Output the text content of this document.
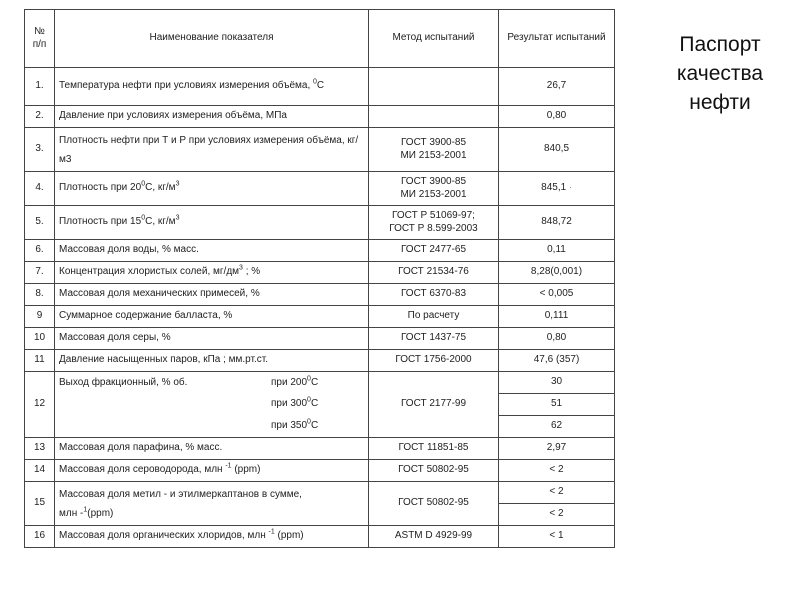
Паспорт качества нефти
№ п/п	Наименование показателя	Метод испытаний	Результат испытаний
1.	Температура нефти при условиях измерения объёма, $^0$С		26,7
2.	Давление при условиях измерения объёма, МПа		0,80
3.	Плотность нефти при Т и Р при условиях измерения объёма, кг/м3	ГОСТ 3900-85
МИ 2153-2001	840,5
4.	Плотность при $20^0С$, $кг/м^3$	ГОСТ 3900-85
МИ 2153-2001	845,1 ·
5.	Плотность при $15^0С$, $кг/м^3$	ГОСТ Р 51069-97;
ГОСТ Р 8.599-2003	848,72
6.	Массовая доля воды, % масс.	ГОСТ 2477-65	0,11
7.	Концентрация хлористых солей, $мг/дм^3$ ; %	ГОСТ 21534-76	8,28(0,001)
8.	Массовая доля механических примесей, %	ГОСТ 6370-83	< 0,005
9	Суммарное содержание балласта, %	По расчету	0,111
10	Массовая доля серы, %	ГОСТ 1437-75	0,80
11	Давление насыщенных паров, кПа ; мм.рт.ст.	ГОСТ 1756-2000	47,6 (357)
12	Выход фракционный, % об. при $200^0С$	ГОСТ 2177-99	30
	при $300^0С$		51
	при $350^0С$		62
13	Массовая доля парафина, % масс.	ГОСТ 11851-85	2,97
14	Массовая доля сероводорода, млн $^{-1}$ (ppm)	ГОСТ 50802-95	< 2
15	Массовая доля метил - и этилмеркаптанов в сумме,
млн -$^1$(ppm)	ГОСТ 50802-95	< 2
			< 2
16	Массовая доля органических хлоридов, млн $^{-1}$ (ppm)	ASTM D 4929-99	< 1
